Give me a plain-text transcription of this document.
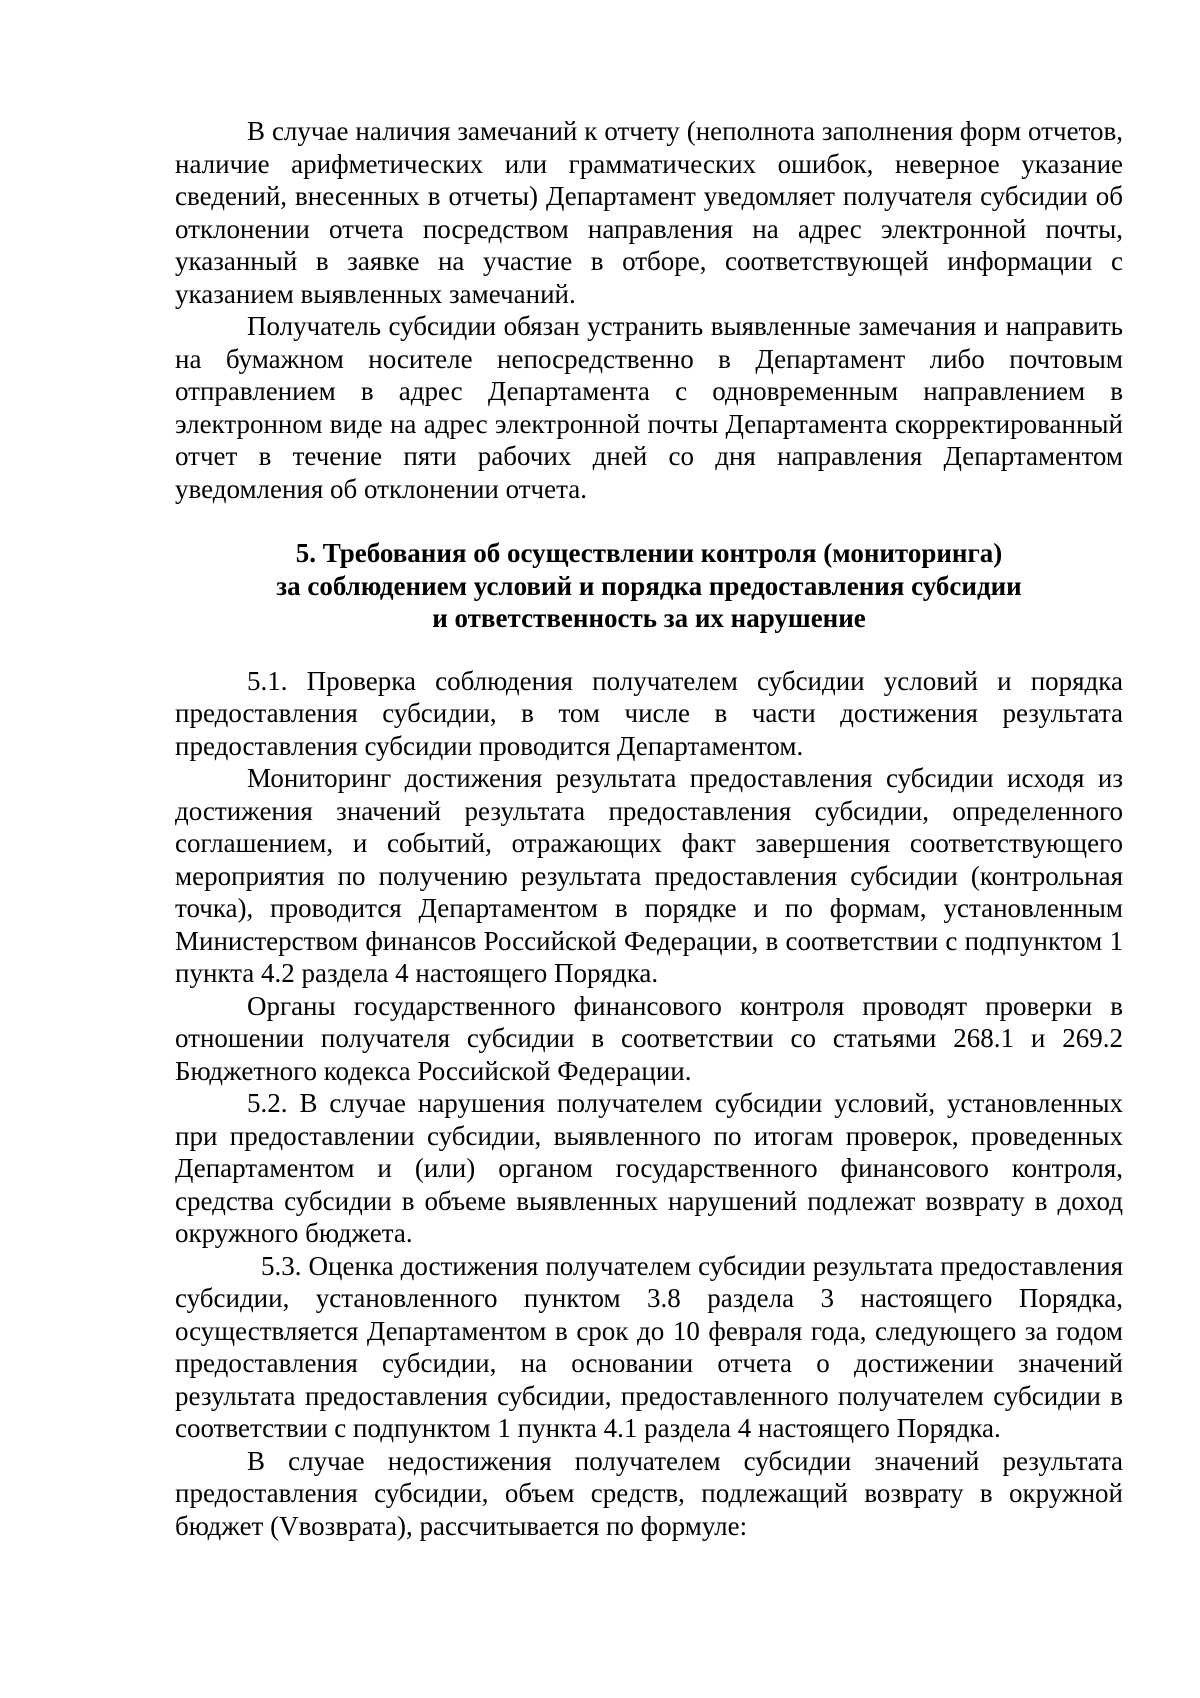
В случае наличия замечаний к отчету (неполнота заполнения форм отчетов, наличие арифметических или грамматических ошибок, неверное указание сведений, внесенных в отчеты) Департамент уведомляет получателя субсидии об отклонении отчета посредством направления на адрес электронной почты, указанный в заявке на участие в отборе, соответствующей информации с указанием выявленных замечаний.

Получатель субсидии обязан устранить выявленные замечания и направить на бумажном носителе непосредственно в Департамент либо почтовым отправлением в адрес Департамента с одновременным направлением в электронном виде на адрес электронной почты Департамента скорректированный отчет в течение пяти рабочих дней со дня направления Департаментом уведомления об отклонении отчета.

5. Требования об осуществлении контроля (мониторинга)
за соблюдением условий и порядка предоставления субсидии
и ответственность за их нарушение

5.1. Проверка соблюдения получателем субсидии условий и порядка предоставления субсидии, в том числе в части достижения результата предоставления субсидии проводится Департаментом.

Мониторинг достижения результата предоставления субсидии исходя из достижения значений результата предоставления субсидии, определенного соглашением, и событий, отражающих факт завершения соответствующего мероприятия по получению результата предоставления субсидии (контрольная точка), проводится Департаментом в порядке и по формам, установленным Министерством финансов Российской Федерации, в соответствии с подпунктом 1 пункта 4.2 раздела 4 настоящего Порядка.

Органы государственного финансового контроля проводят проверки в отношении получателя субсидии в соответствии со статьями 268.1 и 269.2 Бюджетного кодекса Российской Федерации.

5.2. В случае нарушения получателем субсидии условий, установленных при предоставлении субсидии, выявленного по итогам проверок, проведенных Департаментом и (или) органом государственного финансового контроля, средства субсидии в объеме выявленных нарушений подлежат возврату в доход окружного бюджета.

5.3. Оценка достижения получателем субсидии результата предоставления субсидии, установленного пунктом 3.8 раздела 3 настоящего Порядка, осуществляется Департаментом в срок до 10 февраля года, следующего за годом предоставления субсидии, на основании отчета о достижении значений результата предоставления субсидии, предоставленного получателем субсидии в соответствии с подпунктом 1 пункта 4.1 раздела 4 настоящего Порядка.

В случае недостижения получателем субсидии значений результата предоставления субсидии, объем средств, подлежащий возврату в окружной бюджет (Vвозврата), рассчитывается по формуле:
